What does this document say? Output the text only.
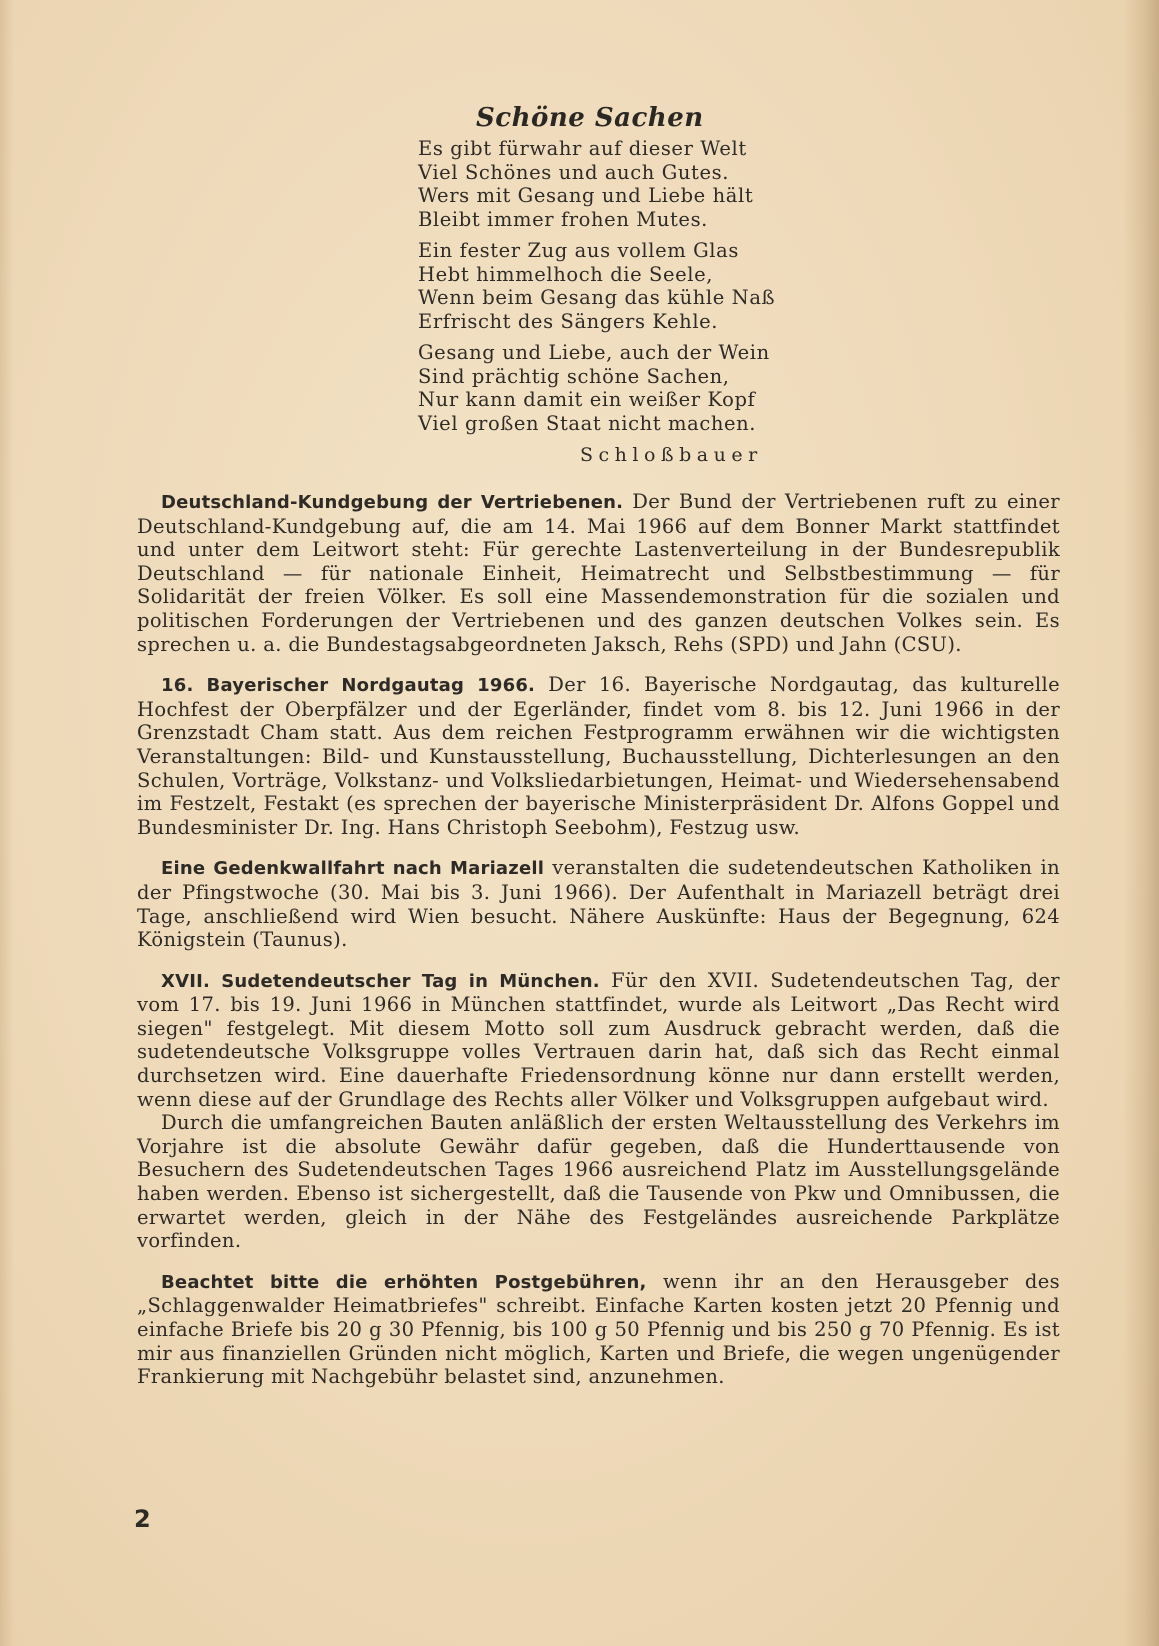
Schöne Sachen
Es gibt fürwahr auf dieser Welt
Viel Schönes und auch Gutes.
Wers mit Gesang und Liebe hält
Bleibt immer frohen Mutes.
Ein fester Zug aus vollem Glas
Hebt himmelhoch die Seele,
Wenn beim Gesang das kühle Naß
Erfrischt des Sängers Kehle.
Gesang und Liebe, auch der Wein
Sind prächtig schöne Sachen,
Nur kann damit ein weißer Kopf
Viel großen Staat nicht machen.
Schloßbauer

Deutschland-Kundgebung der Vertriebenen. Der Bund der Vertriebenen ruft zu einer Deutschland-Kundgebung auf, die am 14. Mai 1966 auf dem Bonner Markt stattfindet und unter dem Leitwort steht: Für gerechte Lastenverteilung in der Bundesrepublik Deutschland — für nationale Einheit, Heimatrecht und Selbstbestimmung — für Solidarität der freien Völker. Es soll eine Massendemonstration für die sozialen und politischen Forderungen der Vertriebenen und des ganzen deutschen Volkes sein. Es sprechen u. a. die Bundestagsabgeordneten Jaksch, Rehs (SPD) und Jahn (CSU).

16. Bayerischer Nordgautag 1966. Der 16. Bayerische Nordgautag, das kulturelle Hochfest der Oberpfälzer und der Egerländer, findet vom 8. bis 12. Juni 1966 in der Grenzstadt Cham statt. Aus dem reichen Festprogramm erwähnen wir die wichtigsten Veranstaltungen: Bild- und Kunstausstellung, Buchausstellung, Dichterlesungen an den Schulen, Vorträge, Volkstanz- und Volksliedarbietungen, Heimat- und Wiedersehensabend im Festzelt, Festakt (es sprechen der bayerische Ministerpräsident Dr. Alfons Goppel und Bundesminister Dr. Ing. Hans Christoph Seebohm), Festzug usw.

Eine Gedenkwallfahrt nach Mariazell veranstalten die sudetendeutschen Katholiken in der Pfingstwoche (30. Mai bis 3. Juni 1966). Der Aufenthalt in Mariazell beträgt drei Tage, anschließend wird Wien besucht. Nähere Auskünfte: Haus der Begegnung, 624 Königstein (Taunus).

XVII. Sudetendeutscher Tag in München. Für den XVII. Sudetendeutschen Tag, der vom 17. bis 19. Juni 1966 in München stattfindet, wurde als Leitwort „Das Recht wird siegen" festgelegt. Mit diesem Motto soll zum Ausdruck gebracht werden, daß die sudetendeutsche Volksgruppe volles Vertrauen darin hat, daß sich das Recht einmal durchsetzen wird. Eine dauerhafte Friedensordnung könne nur dann erstellt werden, wenn diese auf der Grundlage des Rechts aller Völker und Volksgruppen aufgebaut wird.

Durch die umfangreichen Bauten anläßlich der ersten Weltausstellung des Verkehrs im Vorjahre ist die absolute Gewähr dafür gegeben, daß die Hunderttausende von Besuchern des Sudetendeutschen Tages 1966 ausreichend Platz im Ausstellungsgelände haben werden. Ebenso ist sichergestellt, daß die Tausende von Pkw und Omnibussen, die erwartet werden, gleich in der Nähe des Festgeländes ausreichende Parkplätze vorfinden.

Beachtet bitte die erhöhten Postgebühren, wenn ihr an den Herausgeber des „Schlaggenwalder Heimatbriefes" schreibt. Einfache Karten kosten jetzt 20 Pfennig und einfache Briefe bis 20 g 30 Pfennig, bis 100 g 50 Pfennig und bis 250 g 70 Pfennig. Es ist mir aus finanziellen Gründen nicht möglich, Karten und Briefe, die wegen ungenügender Frankierung mit Nachgebühr belastet sind, anzunehmen.

2
